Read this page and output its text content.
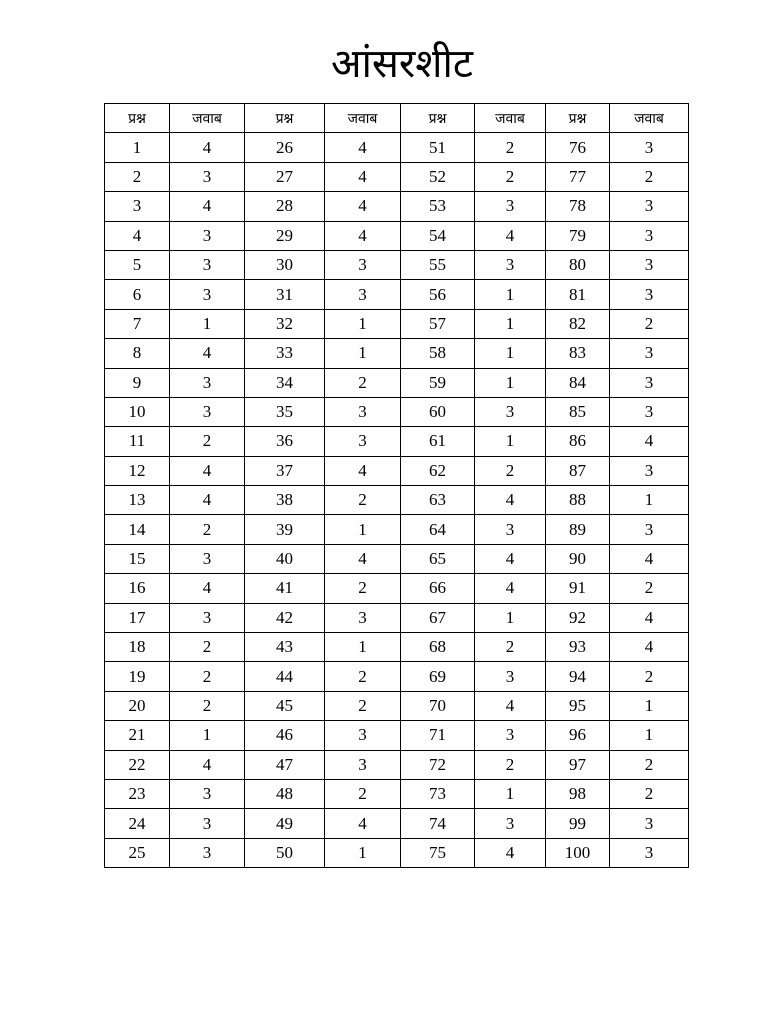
आंसरशीट
प्रश्न	जवाब	प्रश्न	जवाब	प्रश्न	जवाब	प्रश्न	जवाब
1	4	26	4	51	2	76	3
2	3	27	4	52	2	77	2
3	4	28	4	53	3	78	3
4	3	29	4	54	4	79	3
5	3	30	3	55	3	80	3
6	3	31	3	56	1	81	3
7	1	32	1	57	1	82	2
8	4	33	1	58	1	83	3
9	3	34	2	59	1	84	3
10	3	35	3	60	3	85	3
11	2	36	3	61	1	86	4
12	4	37	4	62	2	87	3
13	4	38	2	63	4	88	1
14	2	39	1	64	3	89	3
15	3	40	4	65	4	90	4
16	4	41	2	66	4	91	2
17	3	42	3	67	1	92	4
18	2	43	1	68	2	93	4
19	2	44	2	69	3	94	2
20	2	45	2	70	4	95	1
21	1	46	3	71	3	96	1
22	4	47	3	72	2	97	2
23	3	48	2	73	1	98	2
24	3	49	4	74	3	99	3
25	3	50	1	75	4	100	3
